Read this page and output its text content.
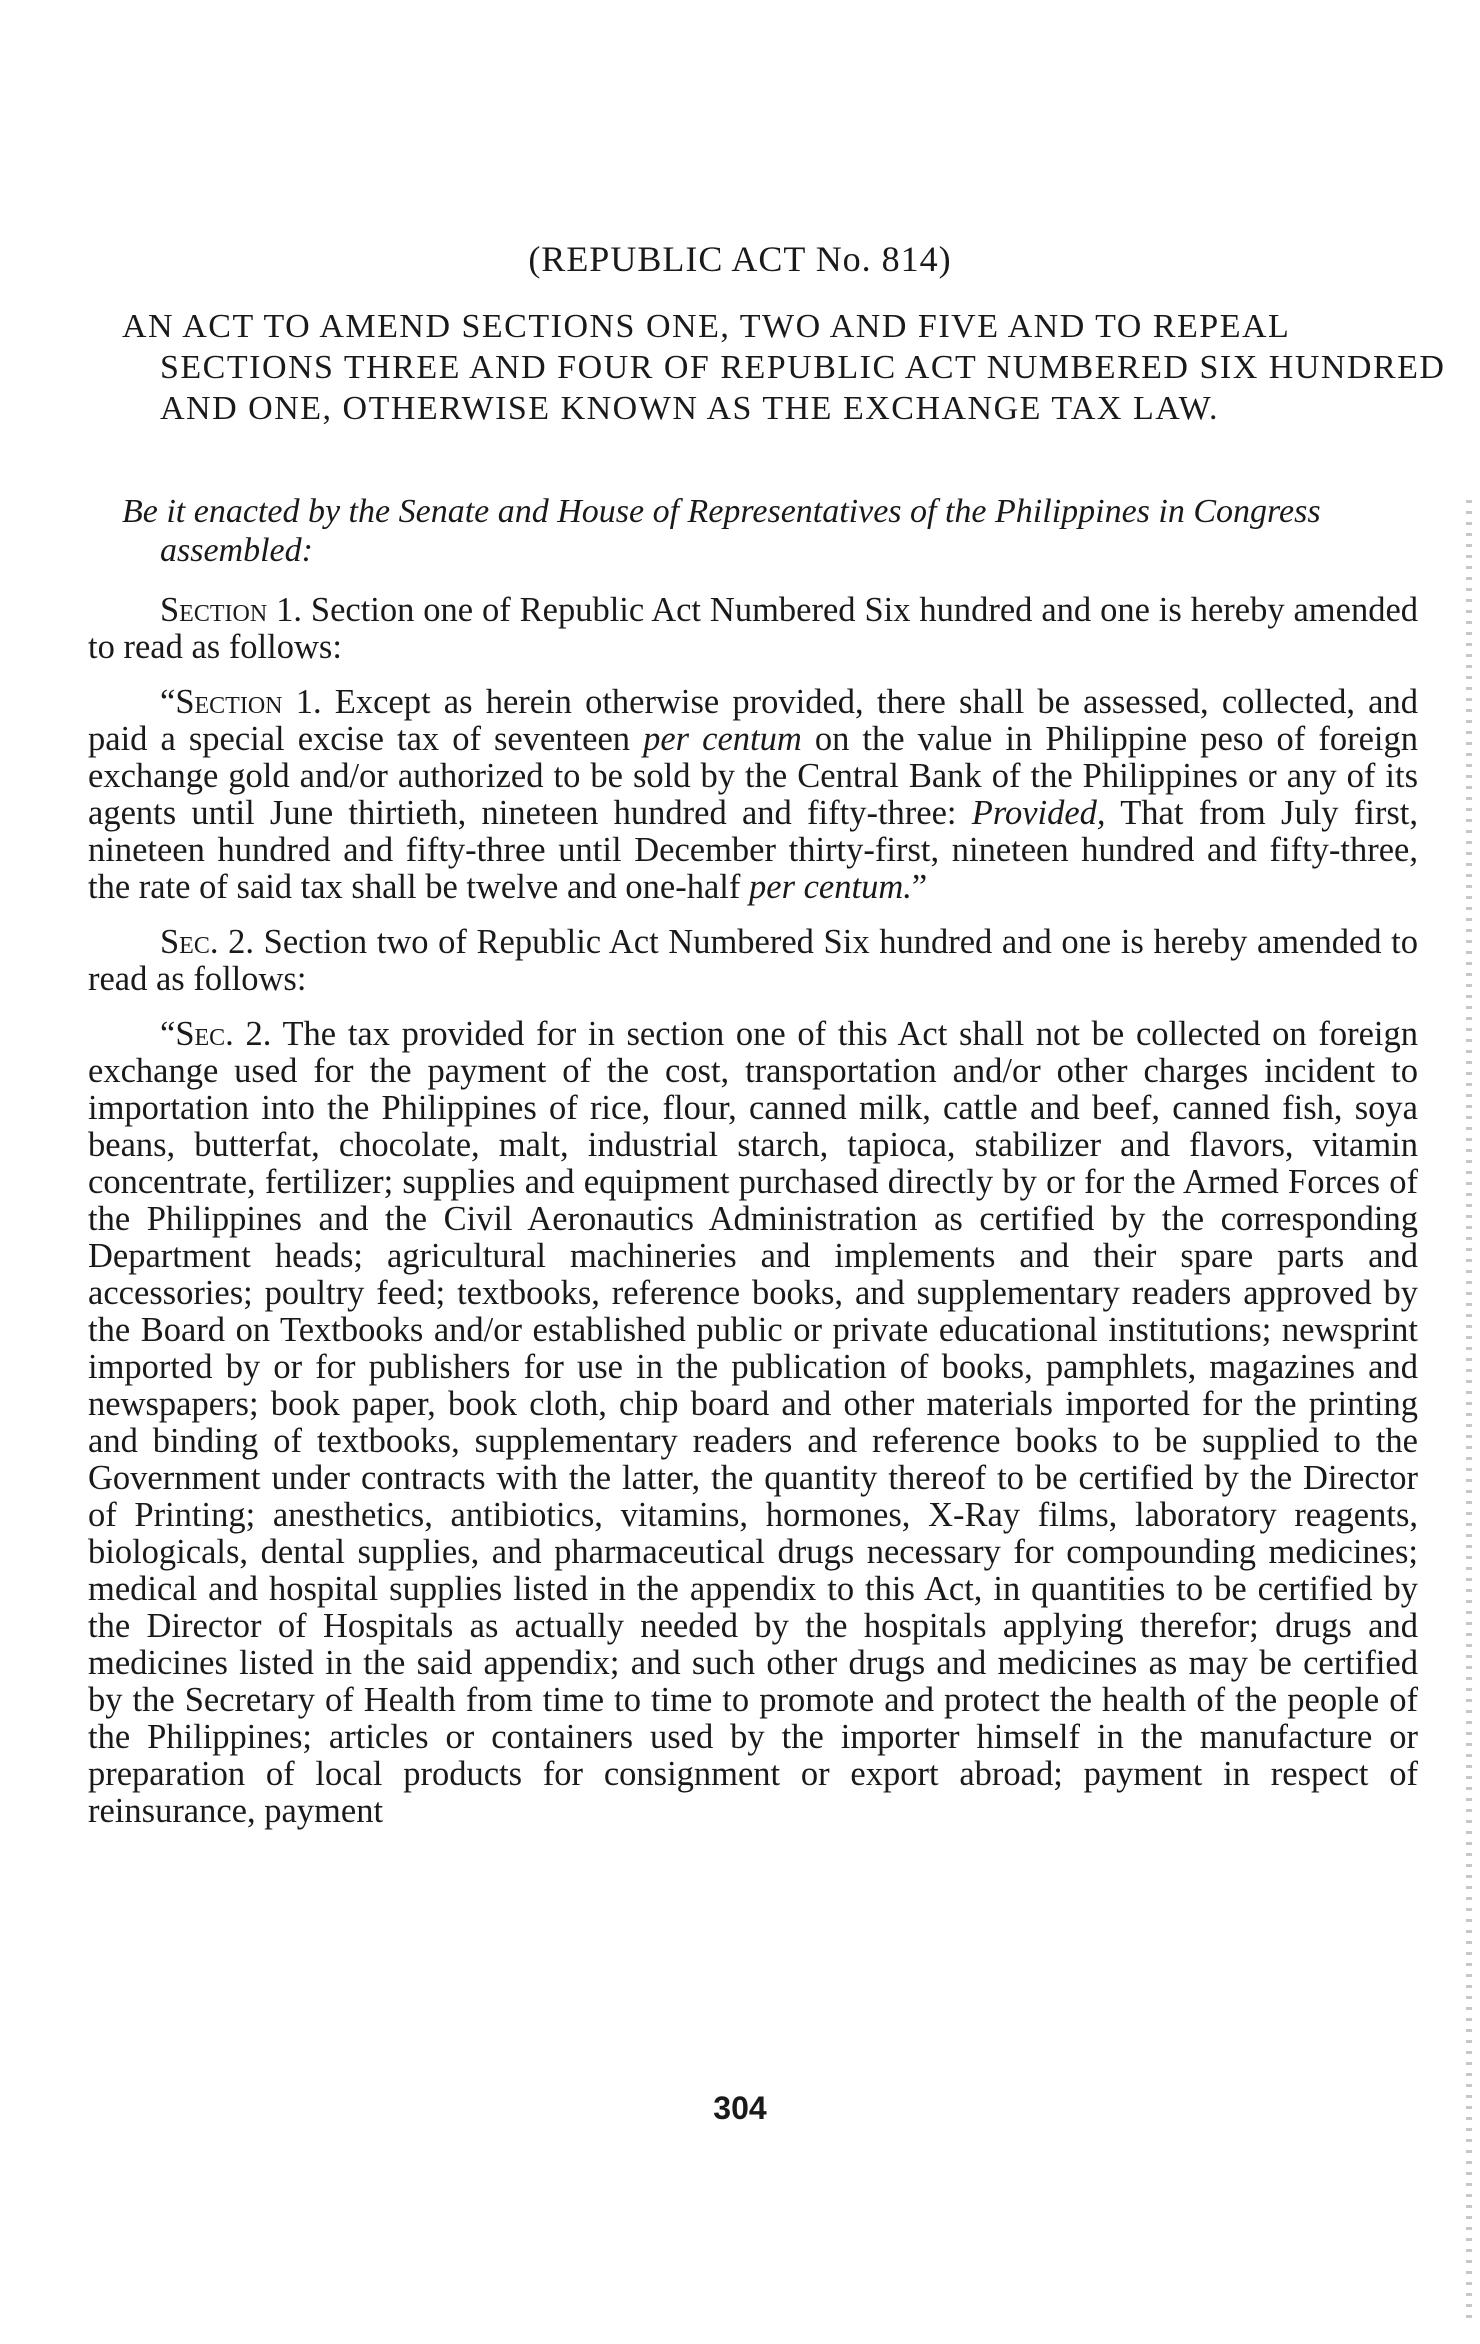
(REPUBLIC ACT No. 814)
AN ACT TO AMEND SECTIONS ONE, TWO AND FIVE AND TO REPEAL SECTIONS THREE AND FOUR OF REPUBLIC ACT NUMBERED SIX HUNDRED AND ONE, OTHERWISE KNOWN AS THE EXCHANGE TAX LAW.
Be it enacted by the Senate and House of Representatives of the Philippines in Congress assembled:

Section 1. Section one of Republic Act Numbered Six hundred and one is hereby amended to read as follows:

“Section 1. Except as herein otherwise provided, there shall be assessed, collected, and paid a special excise tax of seventeen per centum on the value in Philippine peso of foreign exchange gold and/or authorized to be sold by the Central Bank of the Philippines or any of its agents until June thirtieth, nineteen hundred and fifty-three: Provided, That from July first, nineteen hundred and fifty-three until December thirty-first, nineteen hundred and fifty-three, the rate of said tax shall be twelve and one-half per centum.”

Sec. 2. Section two of Republic Act Numbered Six hundred and one is hereby amended to read as follows:

“Sec. 2. The tax provided for in section one of this Act shall not be collected on foreign exchange used for the payment of the cost, transportation and/or other charges incident to importation into the Philippines of rice, flour, canned milk, cattle and beef, canned fish, soya beans, butterfat, chocolate, malt, industrial starch, tapioca, stabilizer and flavors, vitamin concentrate, fertilizer; supplies and equipment purchased directly by or for the Armed Forces of the Philippines and the Civil Aeronautics Administration as certified by the corresponding Department heads; agricultural machineries and implements and their spare parts and accessories; poultry feed; textbooks, reference books, and supplementary readers approved by the Board on Textbooks and/or established public or private educational institutions; newsprint imported by or for publishers for use in the publication of books, pamphlets, magazines and newspapers; book paper, book cloth, chip board and other materials imported for the printing and binding of textbooks, supplementary readers and reference books to be supplied to the Government under contracts with the latter, the quantity thereof to be certified by the Director of Printing; anesthetics, antibiotics, vitamins, hormones, X-Ray films, laboratory reagents, biologicals, dental supplies, and pharmaceutical drugs necessary for compounding medicines; medical and hospital supplies listed in the appendix to this Act, in quantities to be certified by the Director of Hospitals as actually needed by the hospitals applying therefor; drugs and medicines listed in the said appendix; and such other drugs and medicines as may be certified by the Secretary of Health from time to time to promote and protect the health of the people of the Philippines; articles or containers used by the importer himself in the manufacture or preparation of local products for consignment or export abroad; payment in respect of reinsurance, payment

304
